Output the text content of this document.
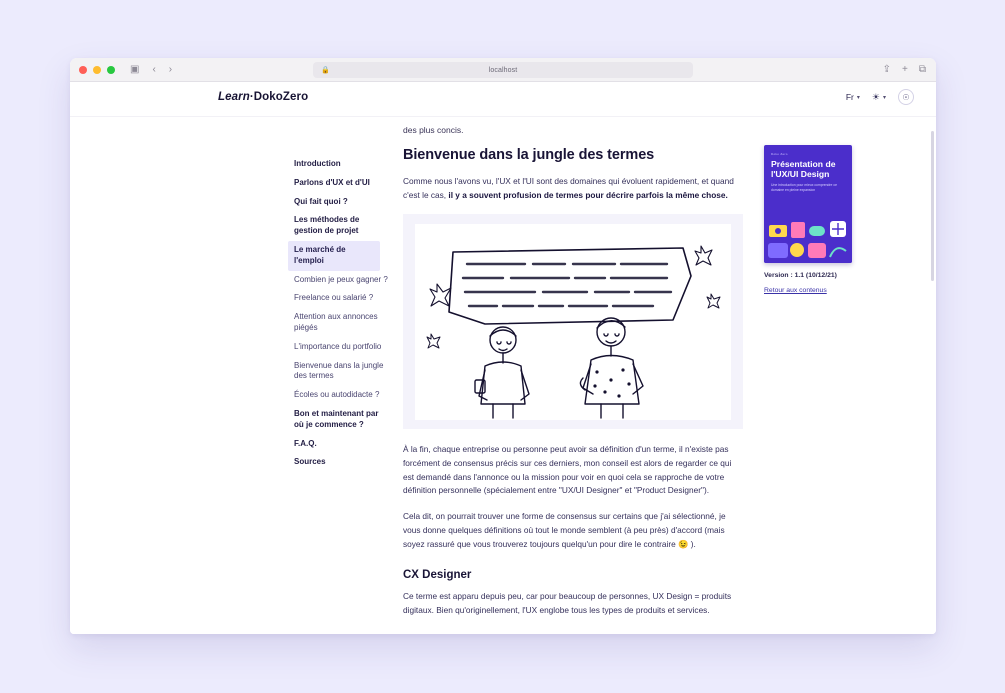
▣ ‹ ›	🔒	localhost	⇪ + ⧉
Learn·DokoZero	Fr ▾ ☀ ▾ ☉
des plus concis.
Introduction
Parlons d'UX et d'UI
Qui fait quoi ?
Les méthodes de gestion de projet
Le marché de l'emploi
Combien je peux gagner ?
Freelance ou salarié ?
Attention aux annonces piégés
L'importance du portfolio
Bienvenue dans la jungle des termes
Écoles ou autodidacte ?
Bon et maintenant par où je commence ?
F.A.Q.
Sources
Bienvenue dans la jungle des termes

Comme nous l'avons vu, l'UX et l'UI sont des domaines qui évoluent rapidement, et quand c'est le cas, il y a souvent profusion de termes pour décrire parfois la même chose.

À la fin, chaque entreprise ou personne peut avoir sa définition d'un terme, il n'existe pas forcément de consensus précis sur ces derniers, mon conseil est alors de regarder ce qui est demandé dans l'annonce ou la mission pour voir en quoi cela se rapproche de votre définition personnelle (spécialement entre "UX/UI Designer" et "Product Designer").

Cela dit, on pourrait trouver une forme de consensus sur certains que j'ai sélectionné, je vous donne quelques définitions où tout le monde semblent (à peu près) d'accord (mais soyez rassuré que vous trouverez toujours quelqu'un pour dire le contraire 😉 ).

CX Designer

Ce terme est apparu depuis peu, car pour beaucoup de personnes, UX Design = produits digitaux. Bien qu'originellement, l'UX englobe tous les types de produits et services.

Doko Zero
Présentation de l'UX/UI Design
Une introduction pour mieux comprendre ce domaine en pleine expansion
Version : 1.1 (10/12/21)
Retour aux contenus
